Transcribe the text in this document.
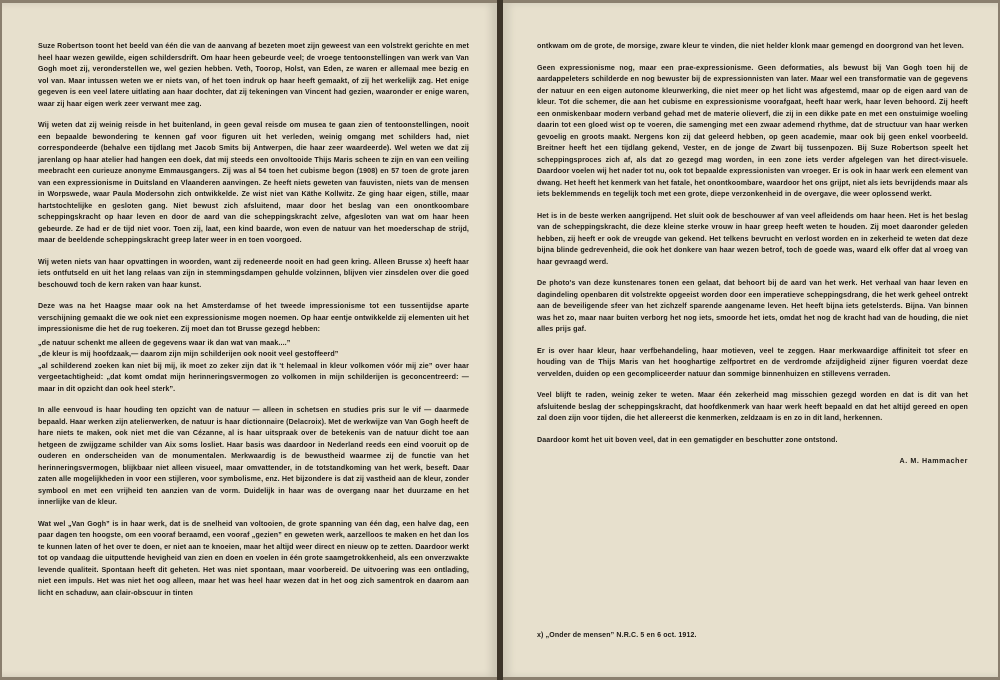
Suze Robertson toont het beeld van één die van de aanvang af bezeten moet zijn geweest van een volstrekt gerichte en met heel haar wezen gewilde, eigen schildersdrift. Om haar heen gebeurde veel; de vroege tentoonstellingen van werk van Van Gogh moet zij, veronderstellen we, wel gezien hebben. Veth, Toorop, Holst, van Eden, ze waren er allemaal mee bezig en vol van. Maar intussen weten we er niets van, of het toen indruk op haar heeft gemaakt, of zij het werkelijk zag. Het enige gegeven is een veel latere uitlating aan haar dochter, dat zij tekeningen van Vincent had gezien, waaronder er enige waren, waar zij haar eigen werk zeer verwant mee zag.

Wij weten dat zij weinig reisde in het buitenland, in geen geval reisde om musea te gaan zien of tentoonstellingen, nooit een bepaalde bewondering te kennen gaf voor figuren uit het verleden, weinig omgang met schilders had, niet correspondeerde (behalve een tijdlang met Jacob Smits bij Antwerpen, die haar zeer waardeerde). Wel weten we dat zij jarenlang op haar atelier had hangen een doek, dat mij steeds een onvoltooide Thijs Maris scheen te zijn en van een veiling meebracht een curieuze anonyme Emmausgangers. Zij was al 54 toen het cubisme begon (1908) en 57 toen de grote jaren van een expressionisme in Duitsland en Vlaanderen aanvingen. Ze heeft niets geweten van fauvisten, niets van de mensen in Worpswede, waar Paula Modersohn zich ontwikkelde. Ze wist niet van Käthe Kollwitz. Ze ging haar eigen, stille, maar hartstochtelijke en gesloten gang. Niet bewust zich afsluitend, maar door het beslag van een onontkoombare scheppingskracht op haar leven en door de aard van die scheppingskracht zelve, afgesloten van wat om haar heen gebeurde. Ze had er de tijd niet voor. Toen zij, laat, een kind baarde, won even de natuur van het moederschap de strijd, maar de beeldende scheppingskracht greep later weer in en toen voorgoed.

Wij weten niets van haar opvattingen in woorden, want zij redeneerde nooit en had geen kring. Alleen Brusse x) heeft haar iets ontfutseld en uit het lang relaas van zijn in stemmingsdampen gehulde volzinnen, blijven vier zinsdelen over die goed beschouwd toch de kern raken van haar kunst.

Deze was na het Haagse maar ook na het Amsterdamse of het tweede impressionisme tot een tussentijdse aparte verschijning gemaakt die we ook niet een expressionisme mogen noemen. Op haar eentje ontwikkelde zij elementen uit het impressionisme die het de rug toekeren. Zij moet dan tot Brusse gezegd hebben:

„de natuur schenkt me alleen de gegevens waar ik dan wat van maak....”

„de kleur is mij hoofdzaak,— daarom zijn mijn schilderijen ook nooit veel gestoffeerd”

„al schilderend zoeken kan niet bij mij, ik moet zo zeker zijn dat ik 't helemaal in kleur volkomen vóór mij zie” over haar vergeetachtigheid: „dat komt omdat mijn herinneringsvermogen zo volkomen in mijn schilderijen is geconcentreerd: — maar in dit opzicht dan ook heel sterk”.

In alle eenvoud is haar houding ten opzicht van de natuur — alleen in schetsen en studies pris sur le vif — daarmede bepaald. Haar werken zijn atelierwerken, de natuur is haar dictionnaire (Delacroix). Met de werkwijze van Van Gogh heeft de hare niets te maken, ook niet met die van Cézanne, al is haar uitspraak over de betekenis van de natuur dicht toe aan hetgeen de zwijgzame schilder van Aix soms losliet. Haar basis was daardoor in Nederland reeds een eind vooruit op de ouderen en onderscheiden van de monumentalen. Merkwaardig is de bewustheid waarmee zij de functie van het herinneringsvermogen, blijkbaar niet alleen visueel, maar omvattender, in de totstandkoming van het werk, beseft. Daar zaten alle mogelijkheden in voor een stijleren, voor symbolisme, enz. Het bijzondere is dat zij vastheid aan de kleur, zonder symbool en met een vrijheid ten aanzien van de vorm. Duidelijk in haar was de overgang naar het duurzame en het innerlijke van de kleur.

Wat wel „Van Gogh” is in haar werk, dat is de snelheid van voltooien, de grote spanning van één dag, een halve dag, een paar dagen ten hoogste, om een vooraf beraamd, een vooraf „gezien” en geweten werk, aarzelloos te maken en het dan los te kunnen laten of het over te doen, er niet aan te knoeien, maar het altijd weer direct en nieuw op te zetten. Daardoor werkt tot op vandaag die uitputtende hevigheid van zien en doen en voelen in één grote saamgetrokkenheid, als een onverzwakte levende qualiteit. Spontaan heeft dit geheten. Het was niet spontaan, maar voorbereid. De uitvoering was een ontlading, niet een impuls. Het was niet het oog alleen, maar het was heel haar wezen dat in het oog zich samentrok en daarom aan licht en schaduw, aan clair-obscuur in tinten

ontkwam om de grote, de morsige, zware kleur te vinden, die niet helder klonk maar gemengd en doorgrond van het leven.

Geen expressionisme nog, maar een prae-expressionisme. Geen deformaties, als bewust bij Van Gogh toen hij de aardappeleters schilderde en nog bewuster bij de expressionnisten van later. Maar wel een transformatie van de gegevens der natuur en een eigen autonome kleurwerking, die niet meer op het licht was afgestemd, maar op de eigen aard van de kleur. Tot die schemer, die aan het cubisme en expressionisme voorafgaat, heeft haar werk, haar leven behoord. Zij heeft een onmiskenbaar modern verband gehad met de materie olieverf, die zij in een dikke pate en met een onstuimige woeling daarin tot een gloed wist op te voeren, die samenging met een zwaar ademend rhythme, dat de structuur van haar werken gevoelig en groots maakt. Nergens kon zij dat geleerd hebben, op geen academie, maar ook bij geen enkel voorbeeld. Breitner heeft het een tijdlang gekend, Vester, en de jonge de Zwart bij tussenpozen. Bij Suze Robertson speelt het scheppingsproces zich af, als dat zo gezegd mag worden, in een zone iets verder afgelegen van het direct-visuele. Daardoor voelen wij het nader tot nu, ook tot bepaalde expressionisten van vroeger. Er is ook in haar werk een element van dwang. Het heeft het kenmerk van het fatale, het onontkoombare, waardoor het ons grijpt, niet als iets bevrijdends maar als iets beklemmends en tegelijk toch met een grote, diepe verzonkenheid in de overgave, die weer oplossend werkt.

Het is in de beste werken aangrijpend. Het sluit ook de beschouwer af van veel afleidends om haar heen. Het is het beslag van de scheppingskracht, die deze kleine sterke vrouw in haar greep heeft weten te houden. Zij moet daaronder geleden hebben, zij heeft er ook de vreugde van gekend. Het telkens bevrucht en verlost worden en in zekerheid te weten dat deze bijna blinde gedrevenheid, die ook het donkere van haar wezen betrof, toch de goede was, waard elk offer dat al vroeg van haar gevraagd werd.

De photo's van deze kunstenares tonen een gelaat, dat behoort bij de aard van het werk. Het verhaal van haar leven en dagindeling openbaren dit volstrekte opgeeist worden door een imperatieve scheppingsdrang, die het werk geheel ontrekt aan de beveiligende sfeer van het zichzelf sparende aangename leven. Het heeft bijna iets getelsterds. Bijna. Van binnen was het zo, maar naar buiten verborg het nog iets, smoorde het iets, omdat het nog de kracht had van de houding, die niet alles prijs gaf.

Er is over haar kleur, haar verfbehandeling, haar motieven, veel te zeggen. Haar merkwaardige affiniteit tot sfeer en houding van de Thijs Maris van het hooghartige zelfportret en de verdromde afzijdigheid zijner figuren voerdat deze vervelden, duiden op een gecompliceerder natuur dan sommige binnenhuizen en stillevens verraden.

Veel blijft te raden, weinig zeker te weten. Maar één zekerheid mag misschien gezegd worden en dat is dit van het afsluitende beslag der scheppingskracht, dat hoofdkenmerk van haar werk heeft bepaald en dat het altijd gereed en open zal doen zijn voor tijden, die het allereerst die kenmerken, zeldzaam is en zo in dit land, herkennen.

Daardoor komt het uit boven veel, dat in een gematigder en beschutter zone ontstond.

A. M. Hammacher

x) „Onder de mensen” N.R.C. 5 en 6 oct. 1912.
